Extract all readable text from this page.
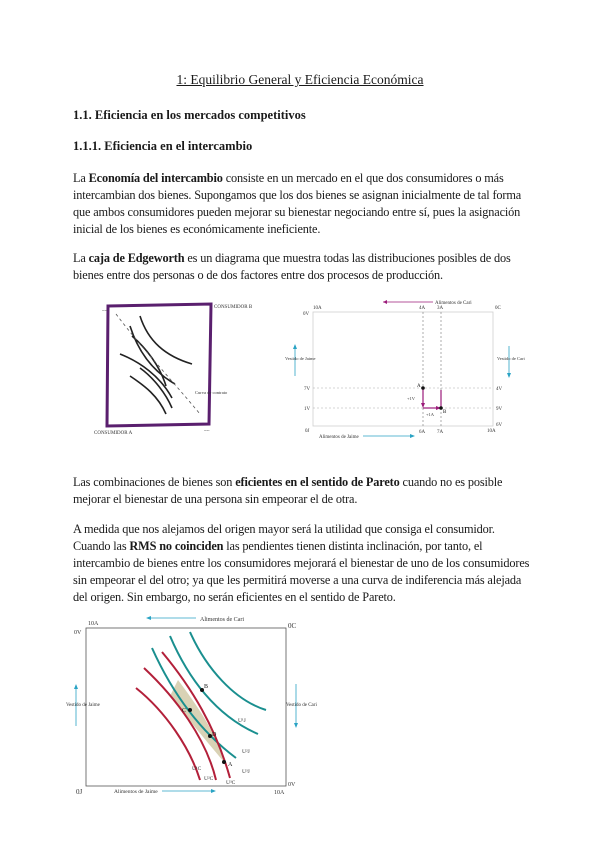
1: Equilibrio General y Eficiencia Económica
1.1. Eficiencia en los mercados competitivos
1.1.1. Eficiencia en el intercambio
La Economía del intercambio consiste en un mercado en el que dos consumidores o más intercambian dos bienes. Supongamos que los dos bienes se asignan inicialmente de tal forma que ambos consumidores pueden mejorar su bienestar negociando entre sí, pues la asignación inicial de los bienes es económicamente ineficiente.
La caja de Edgeworth es un diagrama que muestra todas las distribuciones posibles de dos bienes entre dos personas o de dos factores entre dos procesos de producción.
~~
CONSUMIDOR B
Curva de contrato
CONSUMIDOR A	~~
Alimentos de Cari
0V
10A	0C
0J	10A
4A 3A
6A 7A
7V
1V
4V
9V
6V
A
B
+1V
+1A
Vestido de Jaime	Vestido de Cari
Alimentos de Jaime
Las combinaciones de bienes son eficientes en el sentido de Pareto cuando no es posible mejorar el bienestar de una persona sin empeorar el de otra.
A medida que nos alejamos del origen mayor será la utilidad que consiga el consumidor.
Cuando las RMS no coinciden las pendientes tienen distinta inclinación, por tanto, el intercambio de bienes entre los consumidores mejorará el bienestar de uno de los consumidores sin empeorar el del otro; ya que les permitirá moverse a una curva de indiferencia más alejada del origen. Sin embargo, no serán eficientes en el sentido de Pareto.
Alimentos de Cari
0V
10A	0C
0J	10A
0V
B
C
D
A
U¹J
U²J
U³J
U¹C
U²C
U³C
Vestido de Jaime	Vestido de Cari
Alimentos de Jaime
